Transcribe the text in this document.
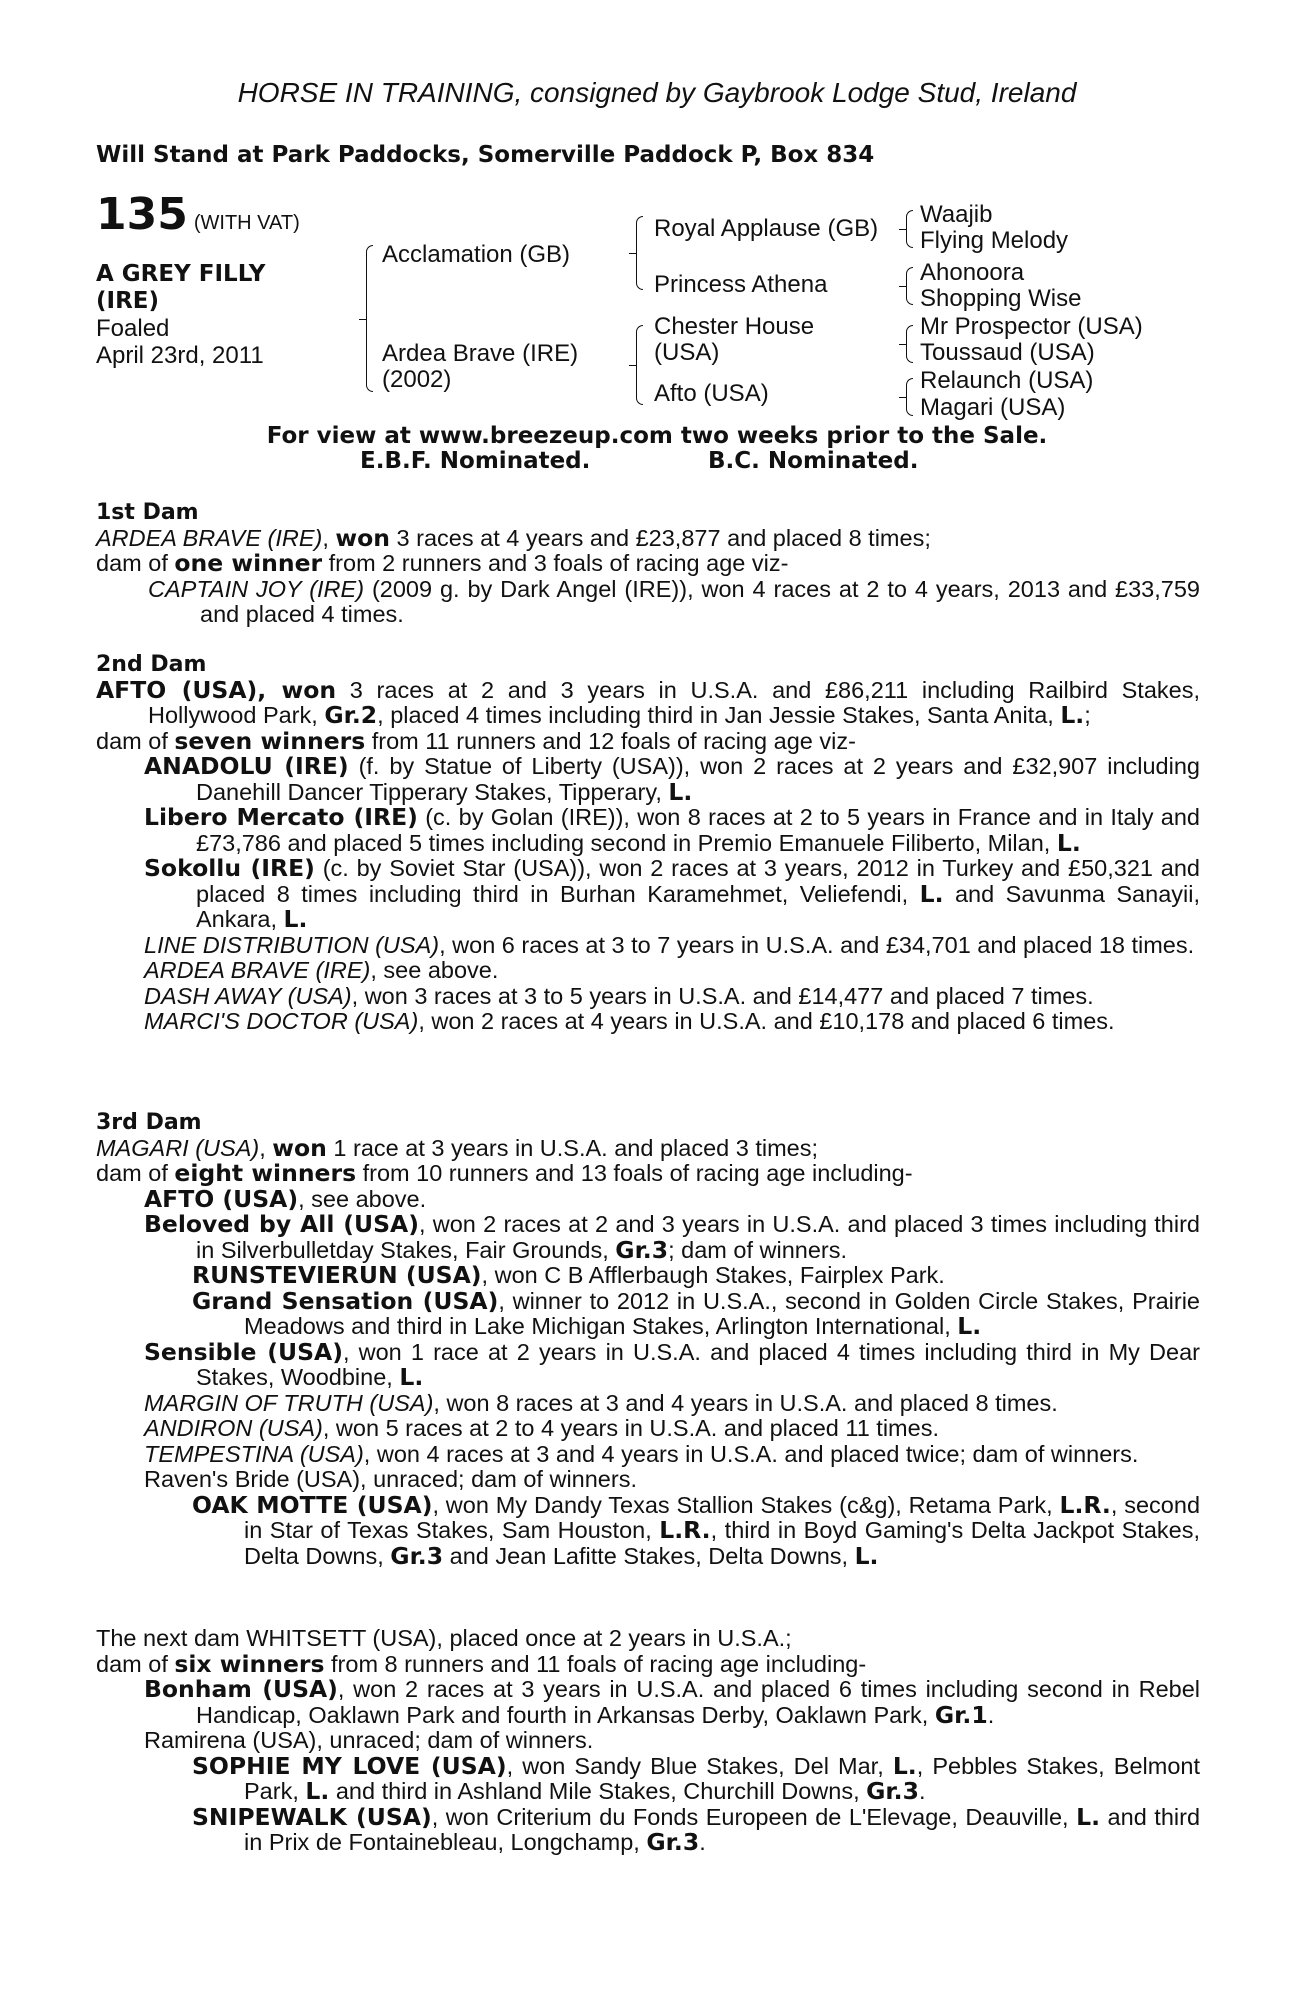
HORSE IN TRAINING, consigned by Gaybrook Lodge Stud, Ireland
Will Stand at Park Paddocks, Somerville Paddock P, Box 834
135 (WITH VAT)
A GREY FILLY
(IRE)
Foaled
April 23rd, 2011
Acclamation (GB)
Ardea Brave (IRE)
(2002)
Royal Applause (GB)
Princess Athena
Chester House
(USA)
Afto (USA)
Waajib
Flying Melody
Ahonoora
Shopping Wise
Mr Prospector (USA)
Toussaud (USA)
Relaunch (USA)
Magari (USA)
For view at www.breezeup.com two weeks prior to the Sale.
E.B.F. Nominated.	B.C. Nominated.

1st Dam

ARDEA BRAVE (IRE), won 3 races at 4 years and £23,877 and placed 8 times;

dam of one winner from 2 runners and 3 foals of racing age viz-

CAPTAIN JOY (IRE) (2009 g. by Dark Angel (IRE)), won 4 races at 2 to 4 years, 2013 and £33,759 and placed 4 times.

2nd Dam

AFTO (USA), won 3 races at 2 and 3 years in U.S.A. and £86,211 including Railbird Stakes, Hollywood Park, Gr.2, placed 4 times including third in Jan Jessie Stakes, Santa Anita, L.;

dam of seven winners from 11 runners and 12 foals of racing age viz-

ANADOLU (IRE) (f. by Statue of Liberty (USA)), won 2 races at 2 years and £32,907 including Danehill Dancer Tipperary Stakes, Tipperary, L.

Libero Mercato (IRE) (c. by Golan (IRE)), won 8 races at 2 to 5 years in France and in Italy and £73,786 and placed 5 times including second in Premio Emanuele Filiberto, Milan, L.

Sokollu (IRE) (c. by Soviet Star (USA)), won 2 races at 3 years, 2012 in Turkey and £50,321 and placed 8 times including third in Burhan Karamehmet, Veliefendi, L. and Savunma Sanayii, Ankara, L.

LINE DISTRIBUTION (USA), won 6 races at 3 to 7 years in U.S.A. and £34,701 and placed 18 times.

ARDEA BRAVE (IRE), see above.

DASH AWAY (USA), won 3 races at 3 to 5 years in U.S.A. and £14,477 and placed 7 times.

MARCI'S DOCTOR (USA), won 2 races at 4 years in U.S.A. and £10,178 and placed 6 times.

3rd Dam

MAGARI (USA), won 1 race at 3 years in U.S.A. and placed 3 times;

dam of eight winners from 10 runners and 13 foals of racing age including-

AFTO (USA), see above.

Beloved by All (USA), won 2 races at 2 and 3 years in U.S.A. and placed 3 times including third in Silverbulletday Stakes, Fair Grounds, Gr.3; dam of winners.

RUNSTEVIERUN (USA), won C B Afflerbaugh Stakes, Fairplex Park.

Grand Sensation (USA), winner to 2012 in U.S.A., second in Golden Circle Stakes, Prairie Meadows and third in Lake Michigan Stakes, Arlington International, L.

Sensible (USA), won 1 race at 2 years in U.S.A. and placed 4 times including third in My Dear Stakes, Woodbine, L.

MARGIN OF TRUTH (USA), won 8 races at 3 and 4 years in U.S.A. and placed 8 times.

ANDIRON (USA), won 5 races at 2 to 4 years in U.S.A. and placed 11 times.

TEMPESTINA (USA), won 4 races at 3 and 4 years in U.S.A. and placed twice; dam of winners.

Raven's Bride (USA), unraced; dam of winners.

OAK MOTTE (USA), won My Dandy Texas Stallion Stakes (c&g), Retama Park, L.R., second in Star of Texas Stakes, Sam Houston, L.R., third in Boyd Gaming's Delta Jackpot Stakes, Delta Downs, Gr.3 and Jean Lafitte Stakes, Delta Downs, L.

The next dam WHITSETT (USA), placed once at 2 years in U.S.A.;

dam of six winners from 8 runners and 11 foals of racing age including-

Bonham (USA), won 2 races at 3 years in U.S.A. and placed 6 times including second in Rebel Handicap, Oaklawn Park and fourth in Arkansas Derby, Oaklawn Park, Gr.1.

Ramirena (USA), unraced; dam of winners.

SOPHIE MY LOVE (USA), won Sandy Blue Stakes, Del Mar, L., Pebbles Stakes, Belmont Park, L. and third in Ashland Mile Stakes, Churchill Downs, Gr.3.

SNIPEWALK (USA), won Criterium du Fonds Europeen de L'Elevage, Deauville, L. and third in Prix de Fontainebleau, Longchamp, Gr.3.
